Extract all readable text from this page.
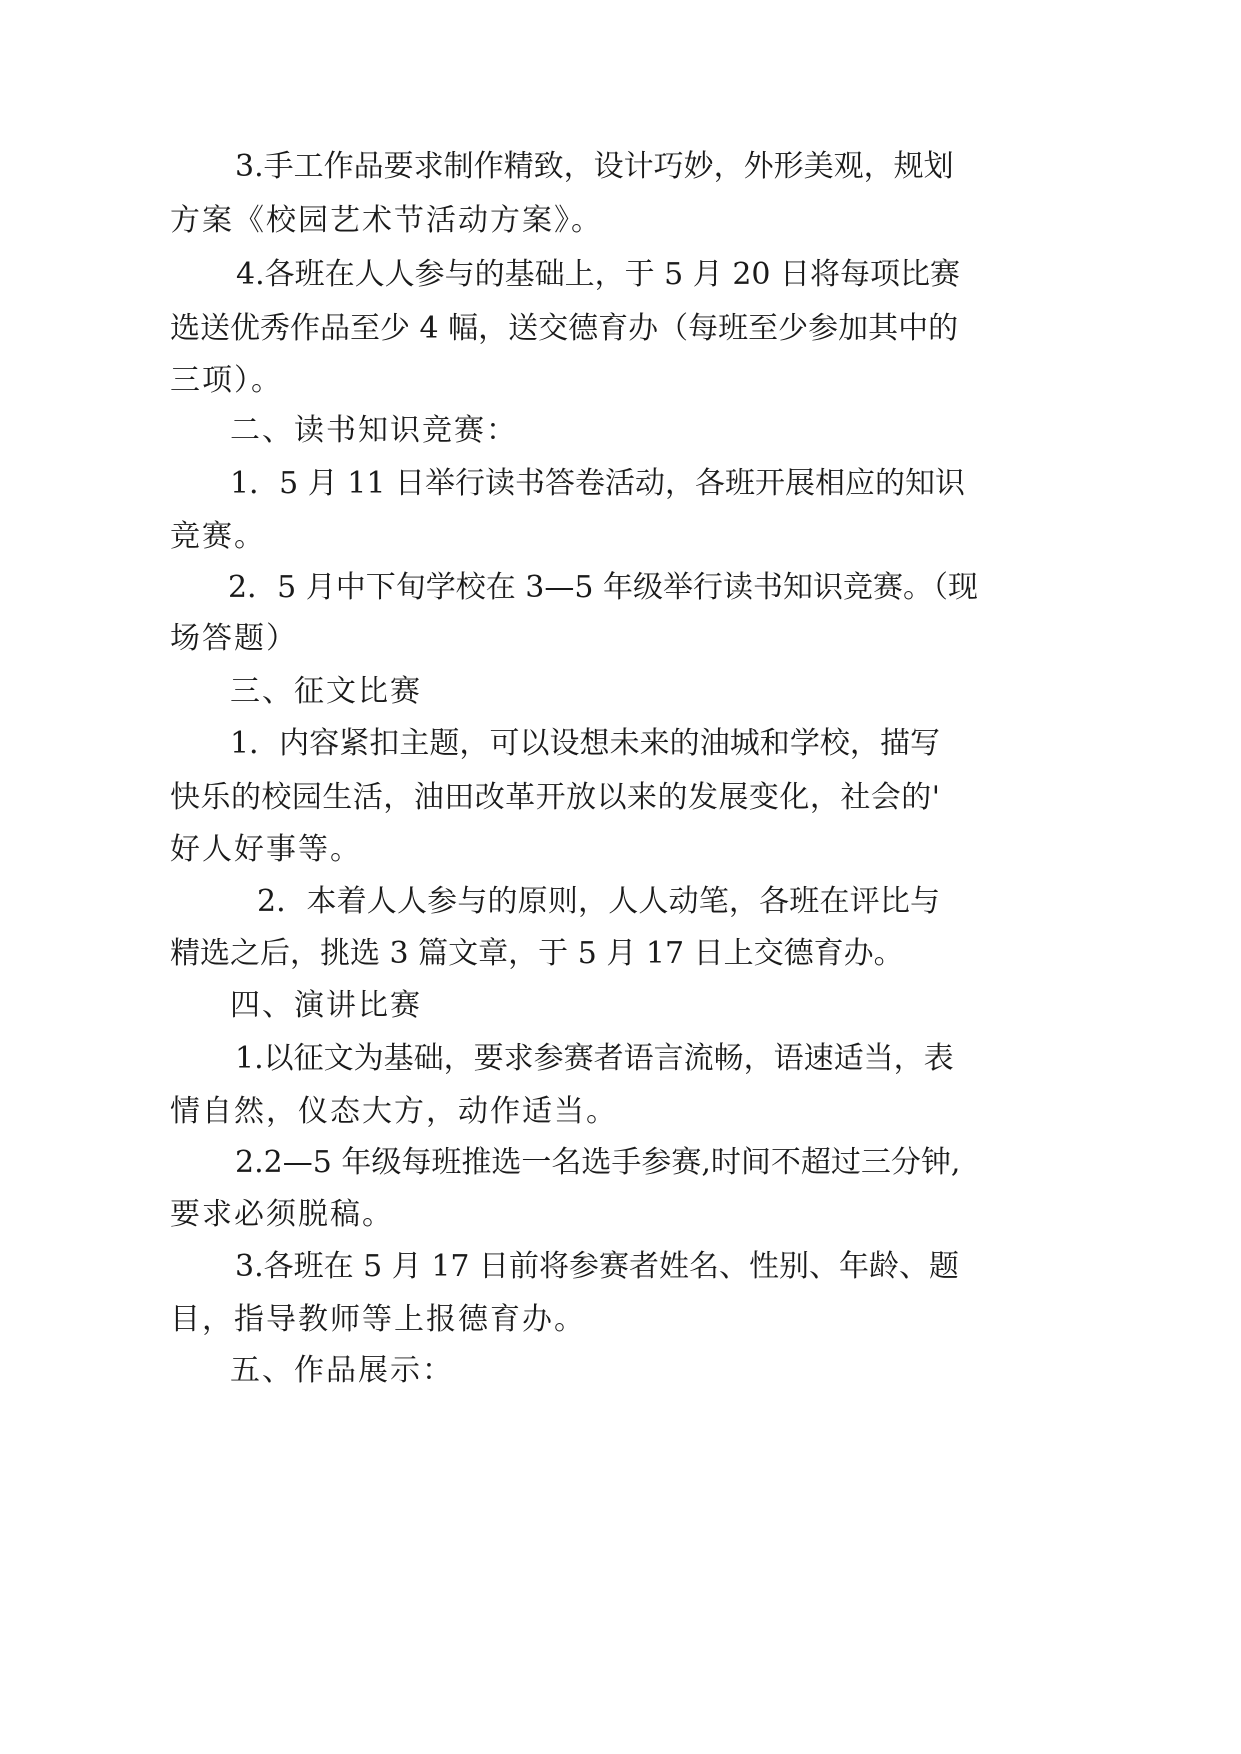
3.手工作品要求制作精致，设计巧妙，外形美观，规划
方案《校园艺术节活动方案》。
4.各班在人人参与的基础上，于 5 月 20 日将每项比赛
选送优秀作品至少 4 幅，送交德育办（每班至少参加其中的
三项）。
二、读书知识竞赛：
1．5 月 11 日举行读书答卷活动，各班开展相应的知识
竞赛。
2．5 月中下旬学校在 3—5 年级举行读书知识竞赛。（现
场答题）
三、征文比赛
1．内容紧扣主题，可以设想未来的油城和学校，描写
快乐的校园生活，油田改革开放以来的发展变化，社会的'
好人好事等。
2．本着人人参与的原则，人人动笔，各班在评比与
精选之后，挑选 3 篇文章，于 5 月 17 日上交德育办。
四、演讲比赛
1.以征文为基础，要求参赛者语言流畅，语速适当，表
情自然，仪态大方，动作适当。
2.2—5 年级每班推选一名选手参赛,时间不超过三分钟,
要求必须脱稿。
3.各班在 5 月 17 日前将参赛者姓名、性别、年龄、题
目，指导教师等上报德育办。
五、作品展示：
